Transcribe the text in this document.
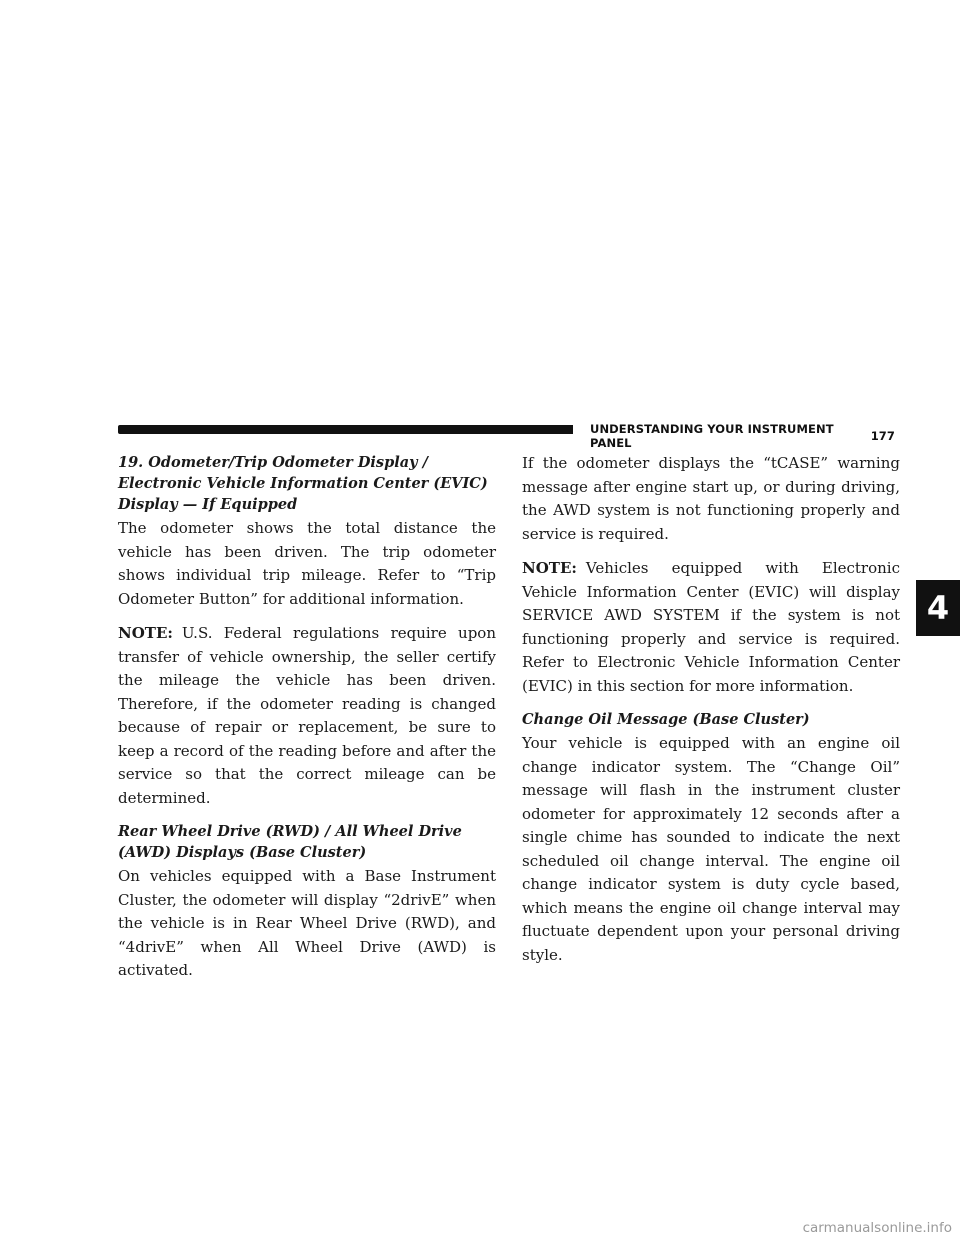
UNDERSTANDING YOUR INSTRUMENT PANEL	177

19. Odometer/Trip Odometer Display / Electronic Vehicle Information Center (EVIC) Display — If Equipped

The odometer shows the total distance the vehicle has been driven. The trip odometer shows individual trip mileage. Refer to “Trip Odometer Button” for additional information.

NOTE: U.S. Federal regulations require upon transfer of vehicle ownership, the seller certify the mileage the vehicle has been driven. Therefore, if the odometer reading is changed because of repair or replacement, be sure to keep a record of the reading before and after the service so that the correct mileage can be determined.

Rear Wheel Drive (RWD) / All Wheel Drive (AWD) Displays (Base Cluster)

On vehicles equipped with a Base Instrument Cluster, the odometer will display “2drivE” when the vehicle is in Rear Wheel Drive (RWD), and “4drivE” when All Wheel Drive (AWD) is activated.

If the odometer displays the “tCASE” warning message after engine start up, or during driving, the AWD system is not functioning properly and service is required.

NOTE: Vehicles equipped with Electronic Vehicle Information Center (EVIC) will display SERVICE AWD SYSTEM if the system is not functioning properly and service is required. Refer to Electronic Vehicle Information Center (EVIC) in this section for more information.

Change Oil Message (Base Cluster)

Your vehicle is equipped with an engine oil change indicator system. The “Change Oil” message will flash in the instrument cluster odometer for approximately 12 seconds after a single chime has sounded to indicate the next scheduled oil change interval. The engine oil change indicator system is duty cycle based, which means the engine oil change interval may fluctuate dependent upon your personal driving style.

4
carmanualsonline.info
